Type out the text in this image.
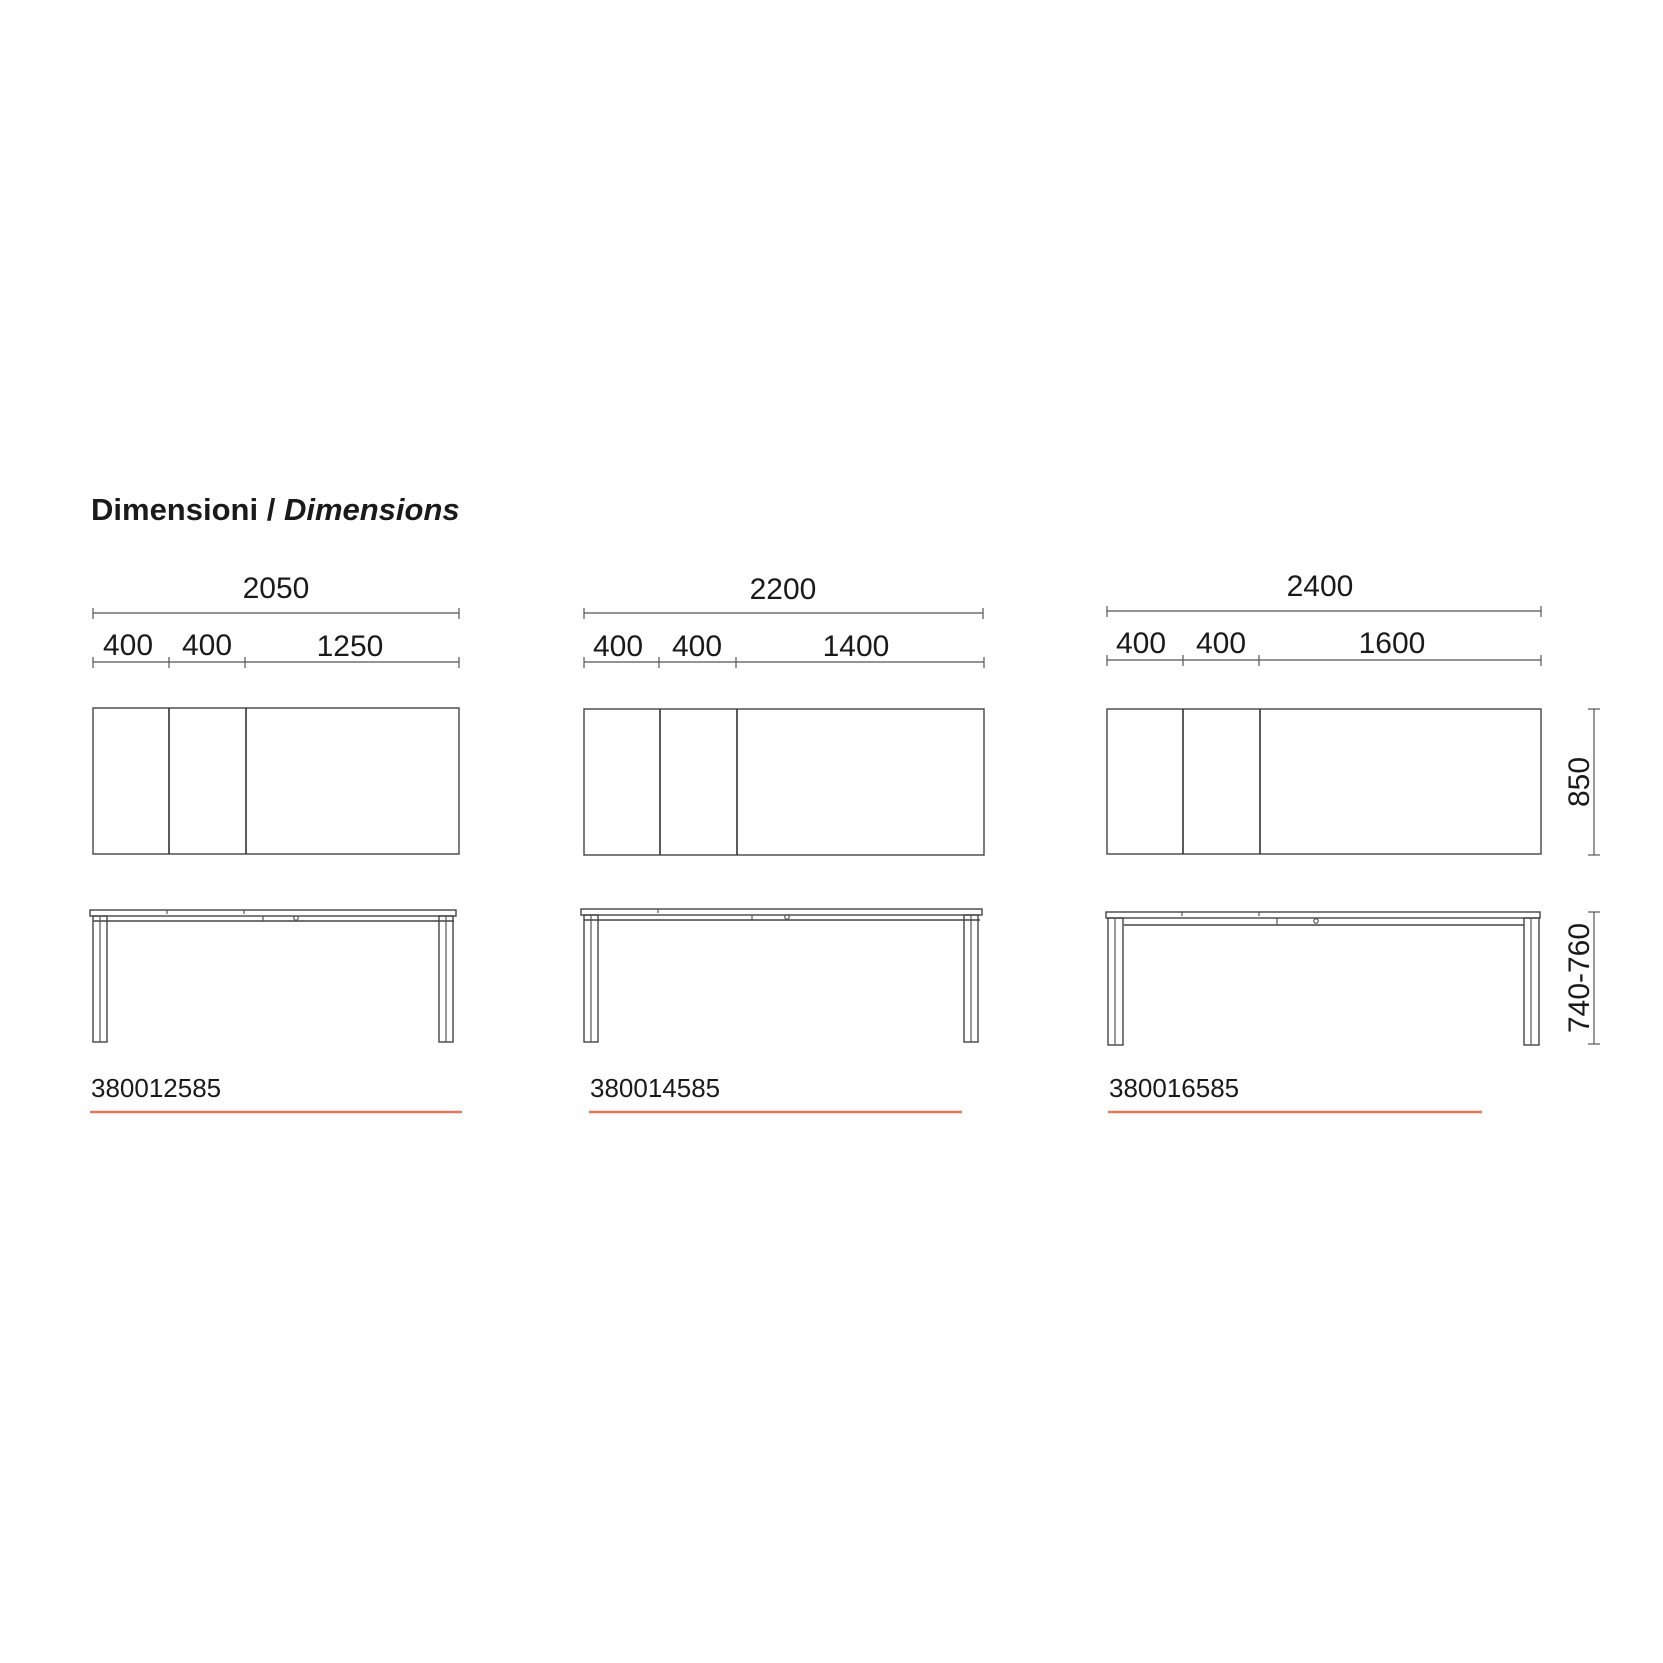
Dimensioni / Dimensions
2050
400 400	1250
380012585
2200
400 400	1400
380014585
2400
400 400	1600
380016585
850
740-760
